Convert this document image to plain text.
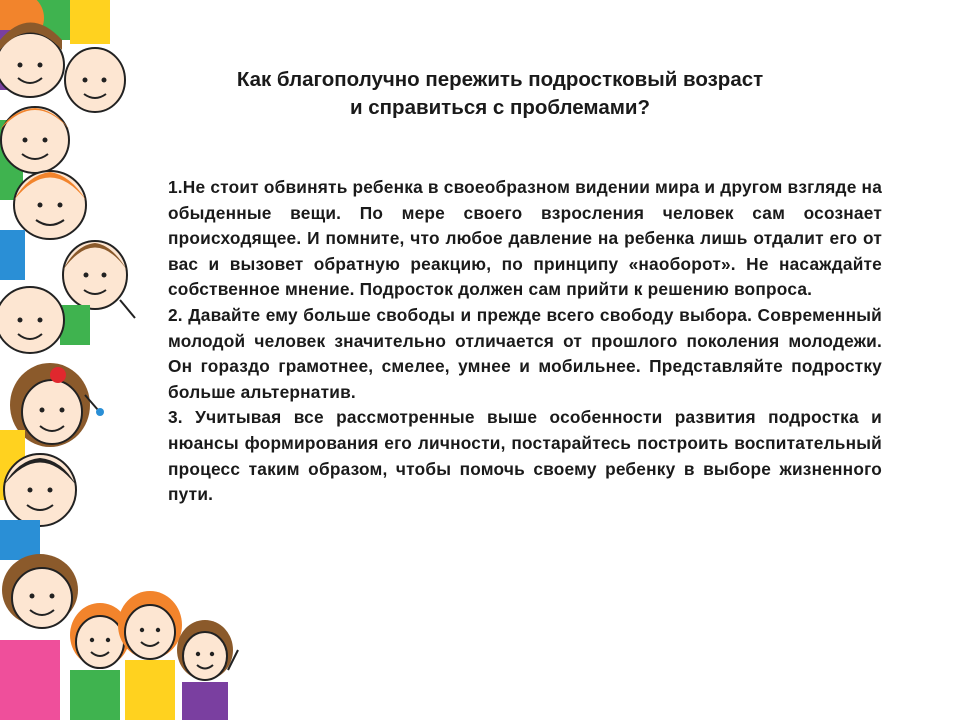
Как благополучно пережить подростковый возраст
и справиться с проблемами?

1.Не стоит обвинять ребенка в своеобразном видении мира и другом взгляде на обыденные вещи. По мере своего взросления человек сам осознает происходящее. И помните, что любое давление на ребенка лишь отдалит его от вас и вызовет обратную реакцию, по принципу «наоборот». Не насаждайте собственное мнение. Подросток должен сам прийти к решению вопроса.

2. Давайте ему больше свободы и прежде всего свободу выбора. Современный молодой человек значительно отличается от прошлого поколения молодежи. Он гораздо грамотнее, смелее, умнее и мобильнее. Представляйте подростку больше альтернатив.

3. Учитывая все рассмотренные выше особенности развития подростка и нюансы формирования его личности, постарайтесь построить воспитательный процесс таким образом, чтобы помочь своему ребенку в выборе жизненного пути.
